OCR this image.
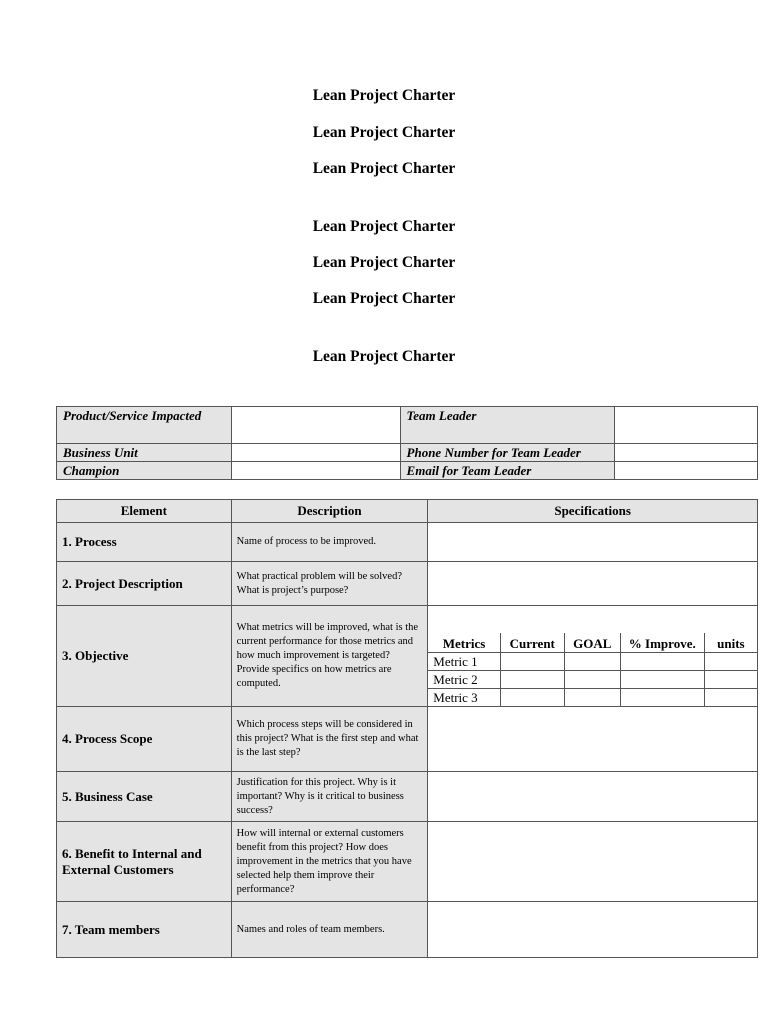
Lean Project Charter
Lean Project Charter
Lean Project Charter
Lean Project Charter
Lean Project Charter
Lean Project Charter
Lean Project Charter
Product/Service Impacted		Team Leader	
Business Unit		Phone Number for Team Leader	
Champion		Email for Team Leader	
Element	Description	Specifications
1. Process	Name of process to be improved.	
2. Project Description	What practical problem will be solved? What is project’s purpose?	
3. Objective	What metrics will be improved, what is the current performance for those metrics and how much improvement is targeted? Provide specifics on how metrics are computed.	
Metrics	Current	GOAL	% Improve.	units
Metric 1				
Metric 2				
Metric 3				

4. Process Scope	Which process steps will be considered in this project? What is the first step and what is the last step?	
5. Business Case	Justification for this project. Why is it important? Why is it critical to business success?	
6. Benefit to Internal and External Customers	How will internal or external customers benefit from this project? How does improvement in the metrics that you have selected help them improve their performance?	
7. Team members	Names and roles of team members.	
